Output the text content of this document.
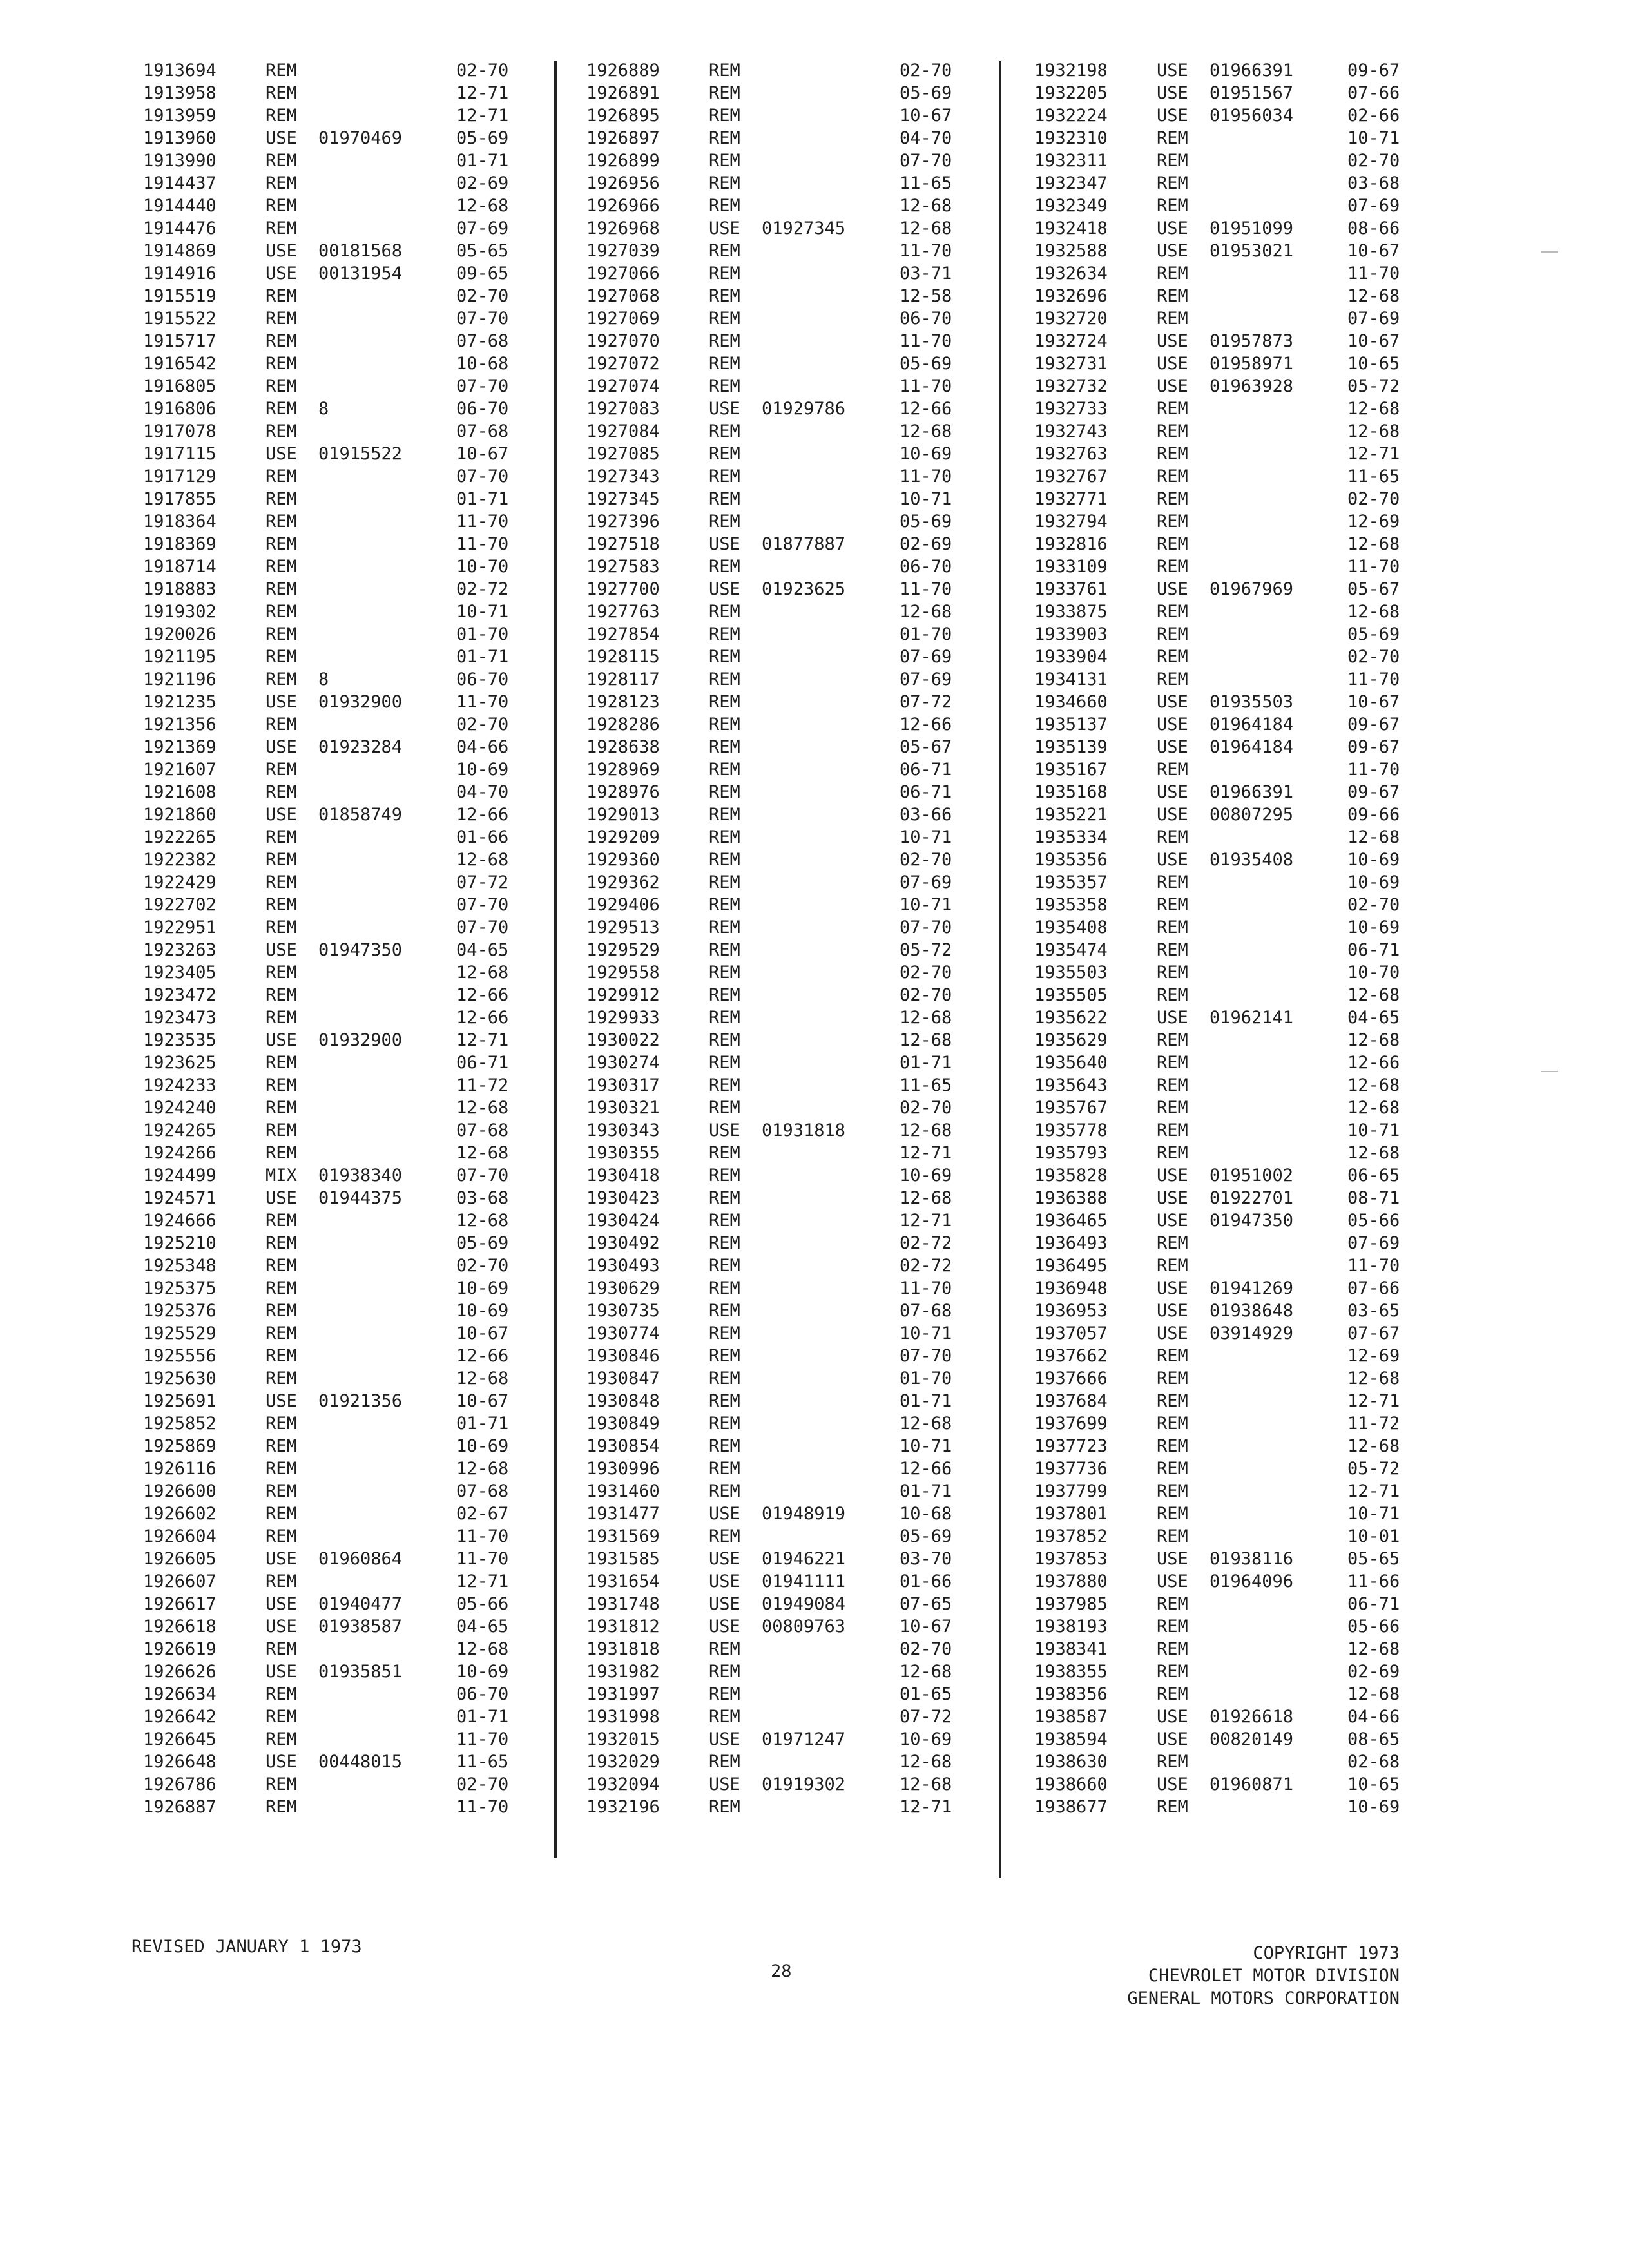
1913694	REM	02-70
1913958	REM	12-71
1913959	REM	12-71
1913960	USE 01970469	05-69
1913990	REM	01-71
1914437	REM	02-69
1914440	REM	12-68
1914476	REM	07-69
1914869	USE 00181568	05-65
1914916	USE 00131954	09-65
1915519	REM	02-70
1915522	REM	07-70
1915717	REM	07-68
1916542	REM	10-68
1916805	REM	07-70
1916806	REM 8	06-70
1917078	REM	07-68
1917115	USE 01915522	10-67
1917129	REM	07-70
1917855	REM	01-71
1918364	REM	11-70
1918369	REM	11-70
1918714	REM	10-70
1918883	REM	02-72
1919302	REM	10-71
1920026	REM	01-70
1921195	REM	01-71
1921196	REM 8	06-70
1921235	USE 01932900	11-70
1921356	REM	02-70
1921369	USE 01923284	04-66
1921607	REM	10-69
1921608	REM	04-70
1921860	USE 01858749	12-66
1922265	REM	01-66
1922382	REM	12-68
1922429	REM	07-72
1922702	REM	07-70
1922951	REM	07-70
1923263	USE 01947350	04-65
1923405	REM	12-68
1923472	REM	12-66
1923473	REM	12-66
1923535	USE 01932900	12-71
1923625	REM	06-71
1924233	REM	11-72
1924240	REM	12-68
1924265	REM	07-68
1924266	REM	12-68
1924499	MIX 01938340	07-70
1924571	USE 01944375	03-68
1924666	REM	12-68
1925210	REM	05-69
1925348	REM	02-70
1925375	REM	10-69
1925376	REM	10-69
1925529	REM	10-67
1925556	REM	12-66
1925630	REM	12-68
1925691	USE 01921356	10-67
1925852	REM	01-71
1925869	REM	10-69
1926116	REM	12-68
1926600	REM	07-68
1926602	REM	02-67
1926604	REM	11-70
1926605	USE 01960864	11-70
1926607	REM	12-71
1926617	USE 01940477	05-66
1926618	USE 01938587	04-65
1926619	REM	12-68
1926626	USE 01935851	10-69
1926634	REM	06-70
1926642	REM	01-71
1926645	REM	11-70
1926648	USE 00448015	11-65
1926786	REM	02-70
1926887	REM	11-70
1926889	REM	02-70
1926891	REM	05-69
1926895	REM	10-67
1926897	REM	04-70
1926899	REM	07-70
1926956	REM	11-65
1926966	REM	12-68
1926968	USE 01927345	12-68
1927039	REM	11-70
1927066	REM	03-71
1927068	REM	12-58
1927069	REM	06-70
1927070	REM	11-70
1927072	REM	05-69
1927074	REM	11-70
1927083	USE 01929786	12-66
1927084	REM	12-68
1927085	REM	10-69
1927343	REM	11-70
1927345	REM	10-71
1927396	REM	05-69
1927518	USE 01877887	02-69
1927583	REM	06-70
1927700	USE 01923625	11-70
1927763	REM	12-68
1927854	REM	01-70
1928115	REM	07-69
1928117	REM	07-69
1928123	REM	07-72
1928286	REM	12-66
1928638	REM	05-67
1928969	REM	06-71
1928976	REM	06-71
1929013	REM	03-66
1929209	REM	10-71
1929360	REM	02-70
1929362	REM	07-69
1929406	REM	10-71
1929513	REM	07-70
1929529	REM	05-72
1929558	REM	02-70
1929912	REM	02-70
1929933	REM	12-68
1930022	REM	12-68
1930274	REM	01-71
1930317	REM	11-65
1930321	REM	02-70
1930343	USE 01931818	12-68
1930355	REM	12-71
1930418	REM	10-69
1930423	REM	12-68
1930424	REM	12-71
1930492	REM	02-72
1930493	REM	02-72
1930629	REM	11-70
1930735	REM	07-68
1930774	REM	10-71
1930846	REM	07-70
1930847	REM	01-70
1930848	REM	01-71
1930849	REM	12-68
1930854	REM	10-71
1930996	REM	12-66
1931460	REM	01-71
1931477	USE 01948919	10-68
1931569	REM	05-69
1931585	USE 01946221	03-70
1931654	USE 01941111	01-66
1931748	USE 01949084	07-65
1931812	USE 00809763	10-67
1931818	REM	02-70
1931982	REM	12-68
1931997	REM	01-65
1931998	REM	07-72
1932015	USE 01971247	10-69
1932029	REM	12-68
1932094	USE 01919302	12-68
1932196	REM	12-71
1932198	USE 01966391	09-67
1932205	USE 01951567	07-66
1932224	USE 01956034	02-66
1932310	REM	10-71
1932311	REM	02-70
1932347	REM	03-68
1932349	REM	07-69
1932418	USE 01951099	08-66
1932588	USE 01953021	10-67
1932634	REM	11-70
1932696	REM	12-68
1932720	REM	07-69
1932724	USE 01957873	10-67
1932731	USE 01958971	10-65
1932732	USE 01963928	05-72
1932733	REM	12-68
1932743	REM	12-68
1932763	REM	12-71
1932767	REM	11-65
1932771	REM	02-70
1932794	REM	12-69
1932816	REM	12-68
1933109	REM	11-70
1933761	USE 01967969	05-67
1933875	REM	12-68
1933903	REM	05-69
1933904	REM	02-70
1934131	REM	11-70
1934660	USE 01935503	10-67
1935137	USE 01964184	09-67
1935139	USE 01964184	09-67
1935167	REM	11-70
1935168	USE 01966391	09-67
1935221	USE 00807295	09-66
1935334	REM	12-68
1935356	USE 01935408	10-69
1935357	REM	10-69
1935358	REM	02-70
1935408	REM	10-69
1935474	REM	06-71
1935503	REM	10-70
1935505	REM	12-68
1935622	USE 01962141	04-65
1935629	REM	12-68
1935640	REM	12-66
1935643	REM	12-68
1935767	REM	12-68
1935778	REM	10-71
1935793	REM	12-68
1935828	USE 01951002	06-65
1936388	USE 01922701	08-71
1936465	USE 01947350	05-66
1936493	REM	07-69
1936495	REM	11-70
1936948	USE 01941269	07-66
1936953	USE 01938648	03-65
1937057	USE 03914929	07-67
1937662	REM	12-69
1937666	REM	12-68
1937684	REM	12-71
1937699	REM	11-72
1937723	REM	12-68
1937736	REM	05-72
1937799	REM	12-71
1937801	REM	10-71
1937852	REM	10-01
1937853	USE 01938116	05-65
1937880	USE 01964096	11-66
1937985	REM	06-71
1938193	REM	05-66
1938341	REM	12-68
1938355	REM	02-69
1938356	REM	12-68
1938587	USE 01926618	04-66
1938594	USE 00820149	08-65
1938630	REM	02-68
1938660	USE 01960871	10-65
1938677	REM	10-69
REVISED JANUARY 1 1973
28
COPYRIGHT 1973
CHEVROLET MOTOR DIVISION
GENERAL MOTORS CORPORATION
